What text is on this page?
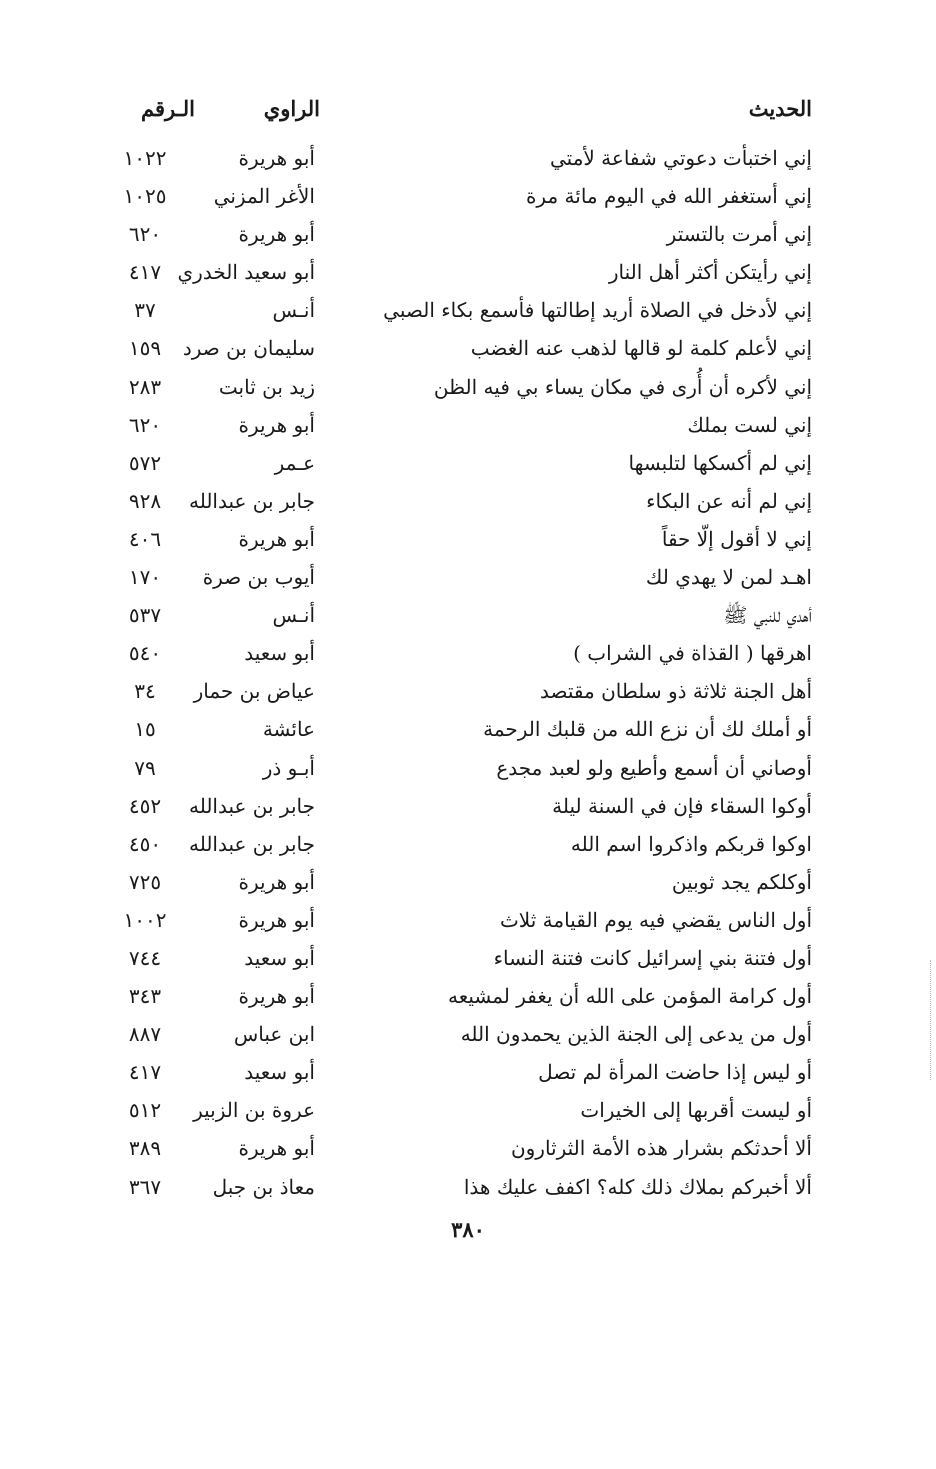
الحديث
الراوي
الـرقم
إني اختبأت دعوتي شفاعة لأمتي
أبو هريرة
١٠٢٢
إني أستغفر الله في اليوم مائة مرة
الأغر المزني
١٠٢٥
إني أمرت بالتستر
أبو هريرة
٦٢٠
إني رأيتكن أكثر أهل النار
أبو سعيد الخدري
٤١٧
إني لأدخل في الصلاة أريد إطالتها فأسمع بكاء الصبي
أنـس
٣٧
إني لأعلم كلمة لو قالها لذهب عنه الغضب
سليمان بن صرد
١٥٩
إني لأكره أن أُرى في مكان يساء بي فيه الظن
زيد بن ثابت
٢٨٣
إني لست بملك
أبو هريرة
٦٢٠
إني لم أكسكها لتلبسها
عـمر
٥٧٢
إني لم أنه عن البكاء
جابر بن عبدالله
٩٢٨
إني لا أقول إلّا حقاً
أبو هريرة
٤٠٦
اهـد لمن لا يهدي لك
أيوب بن صرة
١٧٠
أهدي للنبي ﷺ
أنـس
٥٣٧
اهرقها ( القذاة في الشراب )
أبو سعيد
٥٤٠
أهل الجنة ثلاثة ذو سلطان مقتصد
عياض بن حمار
٣٤
أو أملك لك أن نزع الله من قلبك الرحمة
عائشة
١٥
أوصاني أن أسمع وأطيع ولو لعبد مجدع
أبـو ذر
٧٩
أوكوا السقاء فإن في السنة ليلة
جابر بن عبدالله
٤٥٢
اوكوا قربكم واذكروا اسم الله
جابر بن عبدالله
٤٥٠
أوكلكم يجد ثوبين
أبو هريرة
٧٢٥
أول الناس يقضي فيه يوم القيامة ثلاث
أبو هريرة
١٠٠٢
أول فتنة بني إسرائيل كانت فتنة النساء
أبو سعيد
٧٤٤
أول كرامة المؤمن على الله أن يغفر لمشيعه
أبو هريرة
٣٤٣
أول من يدعى إلى الجنة الذين يحمدون الله
ابن عباس
٨٨٧
أو ليس إذا حاضت المرأة لم تصل
أبو سعيد
٤١٧
أو ليست أقربها إلى الخيرات
عروة بن الزبير
٥١٢
ألا أحدثكم بشرار هذه الأمة الثرثارون
أبو هريرة
٣٨٩
ألا أخبركم بملاك ذلك كله؟ اكفف عليك هذا
معاذ بن جبل
٣٦٧
٣٨٠
